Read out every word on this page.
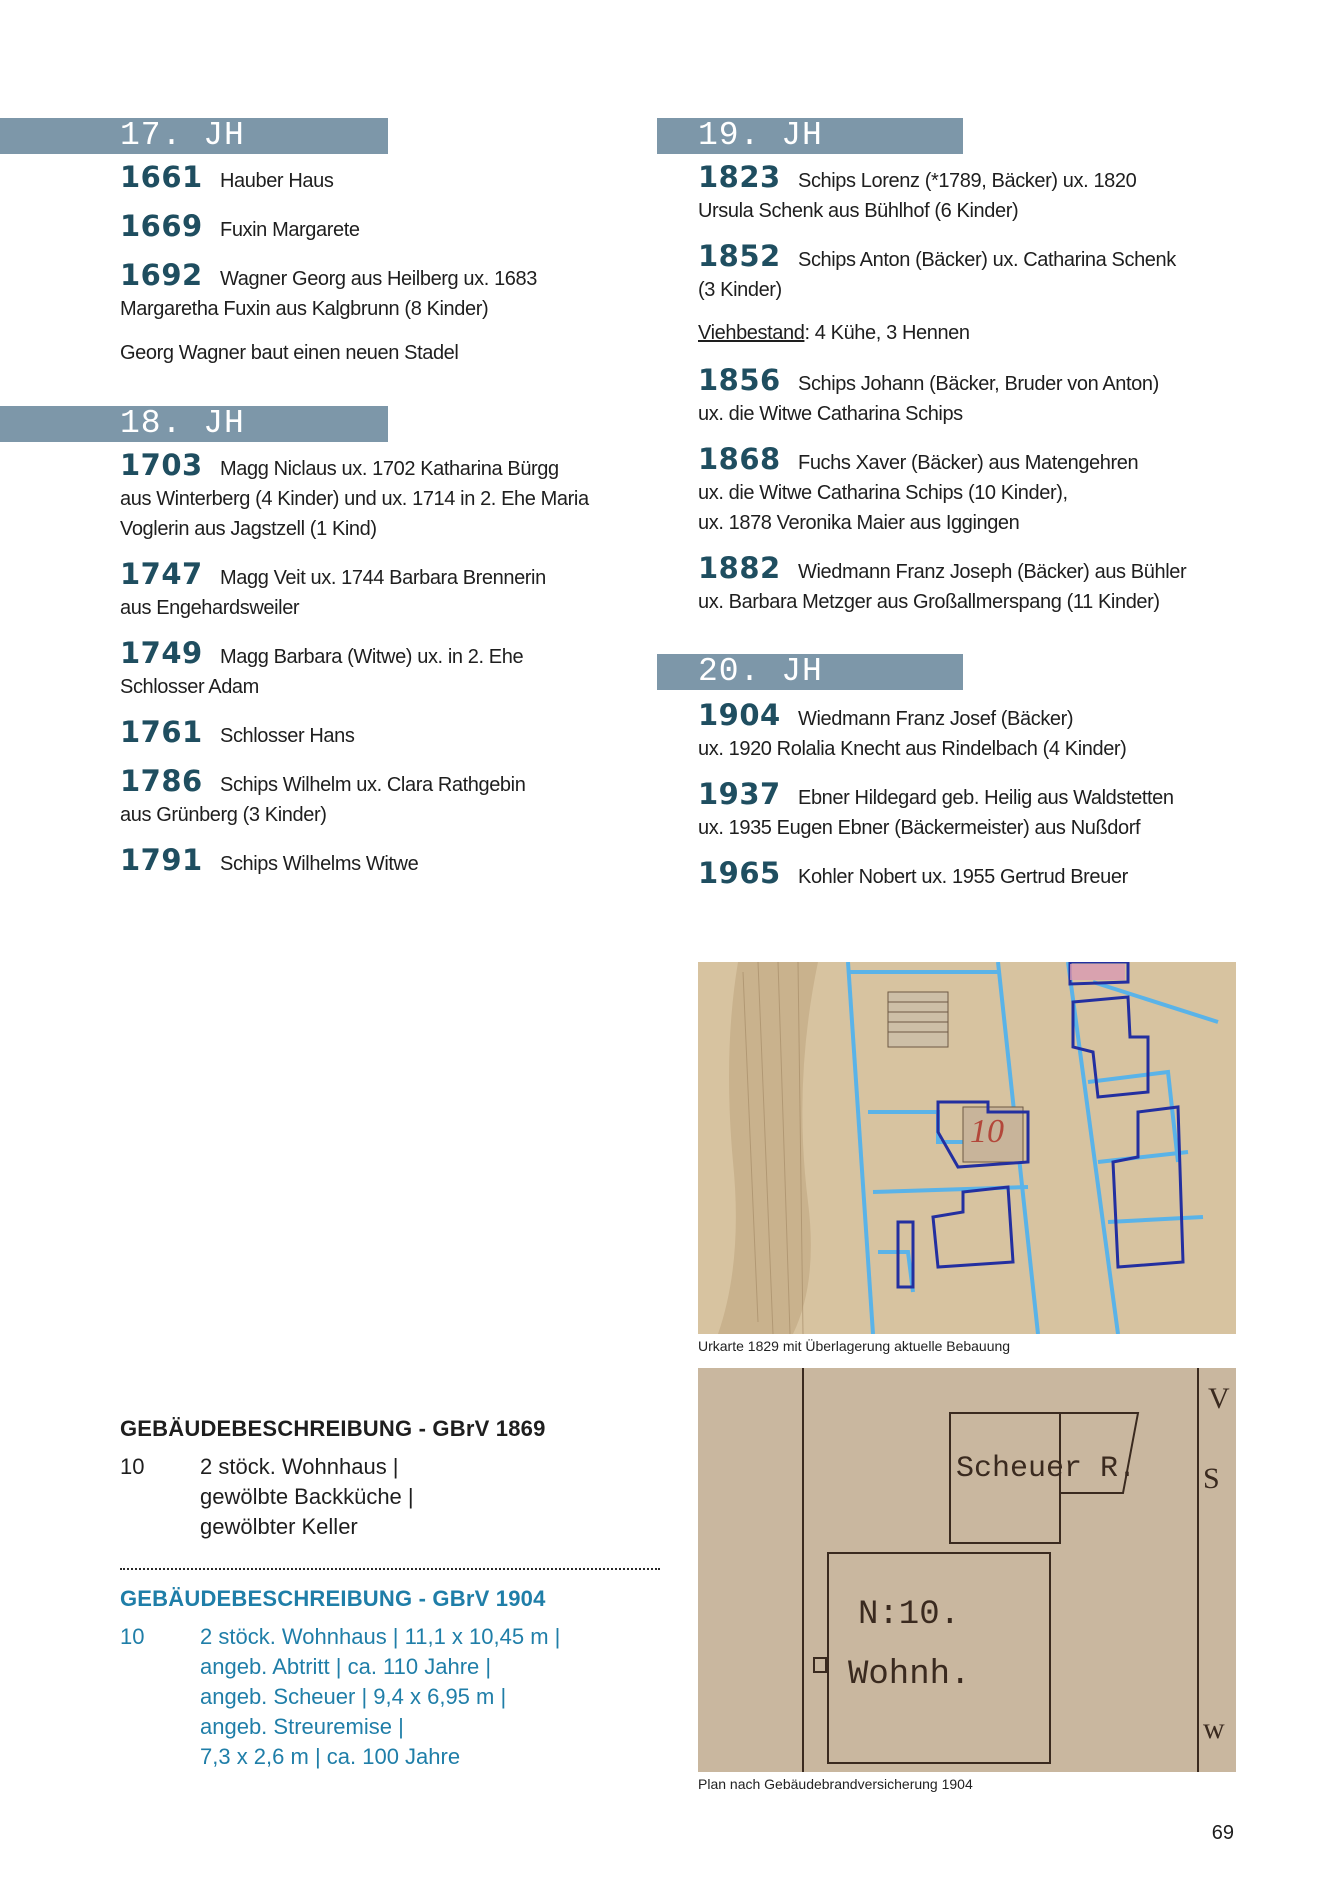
17. JH
18. JH
19. JH
20. JH
1661 Hauber Haus
1669 Fuxin Margarete
1692 Wagner Georg aus Heilberg ux. 1683
Margaretha Fuxin aus Kalgbrunn (8 Kinder)
Georg Wagner baut einen neuen Stadel
1703 Magg Niclaus ux. 1702 Katharina Bürgg
aus Winterberg (4 Kinder) und ux. 1714 in 2. Ehe Maria
Voglerin aus Jagstzell (1 Kind)
1747 Magg Veit ux. 1744 Barbara Brennerin
aus Engehardsweiler
1749 Magg Barbara (Witwe) ux. in 2. Ehe
Schlosser Adam
1761 Schlosser Hans
1786 Schips Wilhelm ux. Clara Rathgebin
aus Grünberg (3 Kinder)
1791 Schips Wilhelms Witwe
1823 Schips Lorenz (*1789, Bäcker) ux. 1820
Ursula Schenk aus Bühlhof (6 Kinder)
1852 Schips Anton (Bäcker) ux. Catharina Schenk
(3 Kinder)
Viehbestand: 4 Kühe, 3 Hennen
1856 Schips Johann (Bäcker, Bruder von Anton)
ux. die Witwe Catharina Schips
1868 Fuchs Xaver (Bäcker) aus Matengehren
ux. die Witwe Catharina Schips (10 Kinder),
ux. 1878 Veronika Maier aus Iggingen
1882 Wiedmann Franz Joseph (Bäcker) aus Bühler
ux. Barbara Metzger aus Großallmerspang (11 Kinder)
1904 Wiedmann Franz Josef (Bäcker)
ux. 1920 Rolalia Knecht aus Rindelbach (4 Kinder)
1937 Ebner Hildegard geb. Heilig aus Waldstetten
ux. 1935 Eugen Ebner (Bäckermeister) aus Nußdorf
1965 Kohler Nobert ux. 1955 Gertrud Breuer
10
Urkarte 1829 mit Überlagerung aktuelle Bebauung
Scheuer R.
N:10.
Wohnh.
V
S
w
Plan nach Gebäudebrandversicherung 1904
GEBÄUDEBESCHREIBUNG - GBrV 1869
10	2 stöck. Wohnhaus |
gewölbte Backküche |
gewölbter Keller
GEBÄUDEBESCHREIBUNG - GBrV 1904
10	2 stöck. Wohnhaus | 11,1 x 10,45 m |
angeb. Abtritt | ca. 110 Jahre |
angeb. Scheuer | 9,4 x 6,95 m |
angeb. Streuremise |
7,3 x 2,6 m | ca. 100 Jahre
69
